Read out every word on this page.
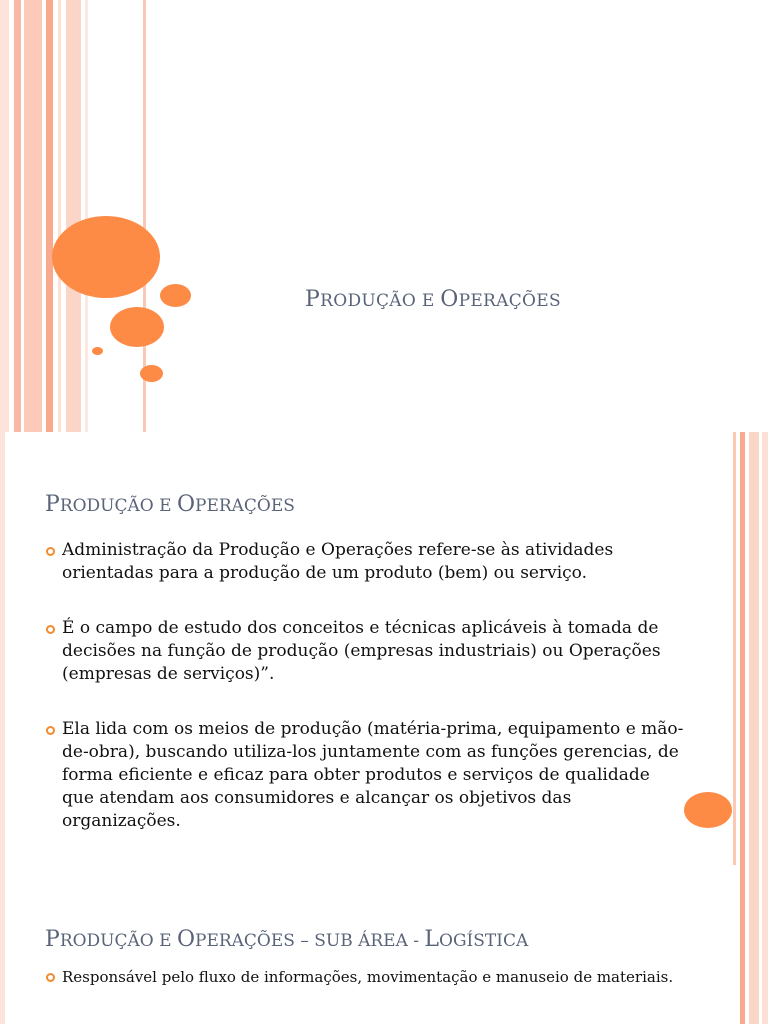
PRODUÇÃO E OPERAÇÕES
PRODUÇÃO E OPERAÇÕES
Administração da Produção e Operações refere-se às atividades orientadas para a produção de um produto (bem) ou serviço.
É o campo de estudo dos conceitos e técnicas aplicáveis à tomada de decisões na função de produção (empresas industriais) ou Operações (empresas de serviços)”.
Ela lida com os meios de produção (matéria-prima, equipamento e mão-de-obra), buscando utiliza-los juntamente com as funções gerencias, de forma eficiente e eficaz para obter produtos e serviços de qualidade que atendam aos consumidores e alcançar os objetivos das organizações.
PRODUÇÃO E OPERAÇÕES – SUB ÁREA - LOGÍSTICA
Responsável pelo fluxo de informações, movimentação e manuseio de materiais.
